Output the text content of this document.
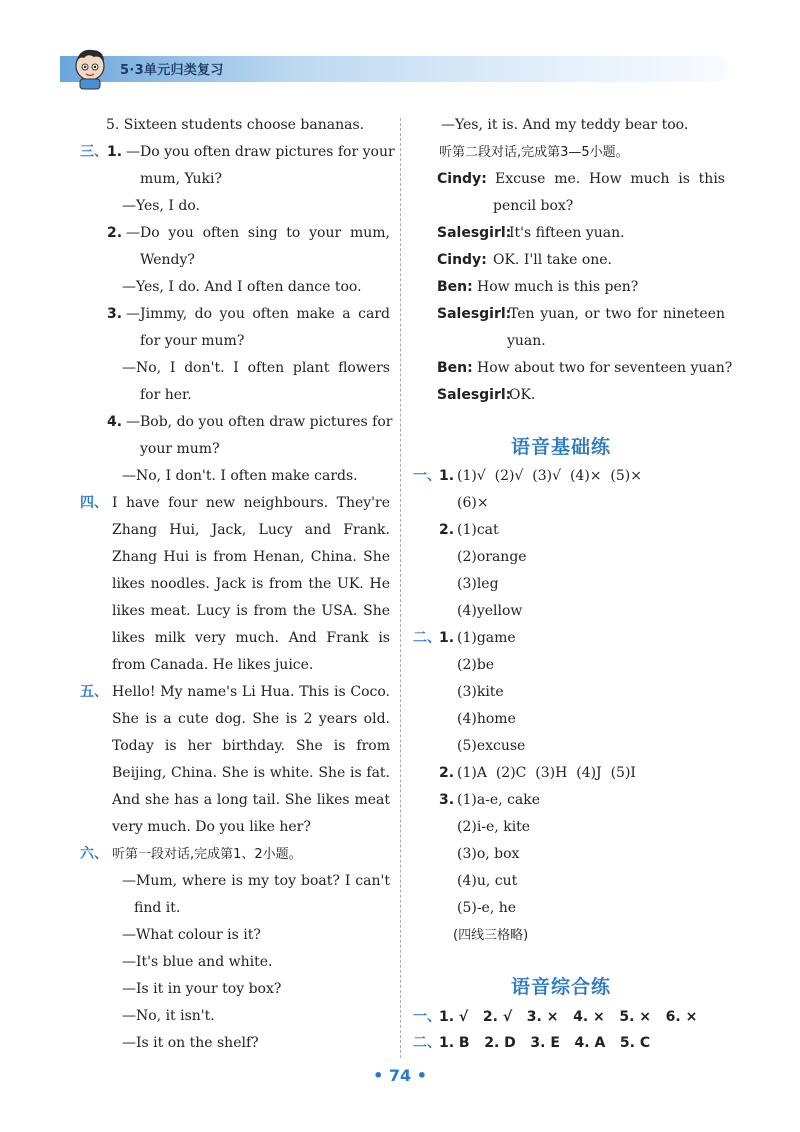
5·3单元归类复习
5. Sixteen students choose bananas.
三、 1. —Do you often draw pictures for your
mum, Yuki?
—Yes, I do.
2. —Do you often sing to your mum,
Wendy?
—Yes, I do. And I often dance too.
3. —Jimmy, do you often make a card
for your mum?
—No, I don't. I often plant flowers
for her.
4. —Bob, do you often draw pictures for
your mum?
—No, I don't. I often make cards.
四、 I have four new neighbours. They're
Zhang Hui, Jack, Lucy and Frank.
Zhang Hui is from Henan, China. She
likes noodles. Jack is from the UK. He
likes meat. Lucy is from the USA. She
likes milk very much. And Frank is
from Canada. He likes juice.
五、 Hello! My name's Li Hua. This is Coco.
She is a cute dog. She is 2 years old.
Today is her birthday. She is from
Beijing, China. She is white. She is fat.
And she has a long tail. She likes meat
very much. Do you like her?
六、 听第一段对话,完成第1、2小题。
—Mum, where is my toy boat? I can't
find it.
—What colour is it?
—It's blue and white.
—Is it in your toy box?
—No, it isn't.
—Is it on the shelf?
—Yes, it is. And my teddy bear too.
听第二段对话,完成第3—5小题。
Cindy: Excuse me. How much is this
pencil box?
Salesgirl:
It's fifteen yuan.
Cindy: OK. I'll take one.
Ben: How much is this pen?
Salesgirl:
Ten yuan, or two for nineteen
yuan.
Ben: How about two for seventeen yuan?
Salesgirl:
OK.
语音基础练
一、
1. (1)√  (2)√  (3)√  (4)×  (5)×
(6)×
2. (1)cat
(2)orange
(3)leg
(4)yellow
二、
1. (1)game
(2)be
(3)kite
(4)home
(5)excuse
2. (1)A  (2)C  (3)H  (4)J  (5)I
3. (1)a-e, cake
(2)i-e, kite
(3)o, box
(4)u, cut
(5)-e, he
(四线三格略)
语音综合练
一、
1. √   2. √   3. ×   4. ×   5. ×   6. ×
二、
1. B   2. D   3. E   4. A   5. C
• 74 •
